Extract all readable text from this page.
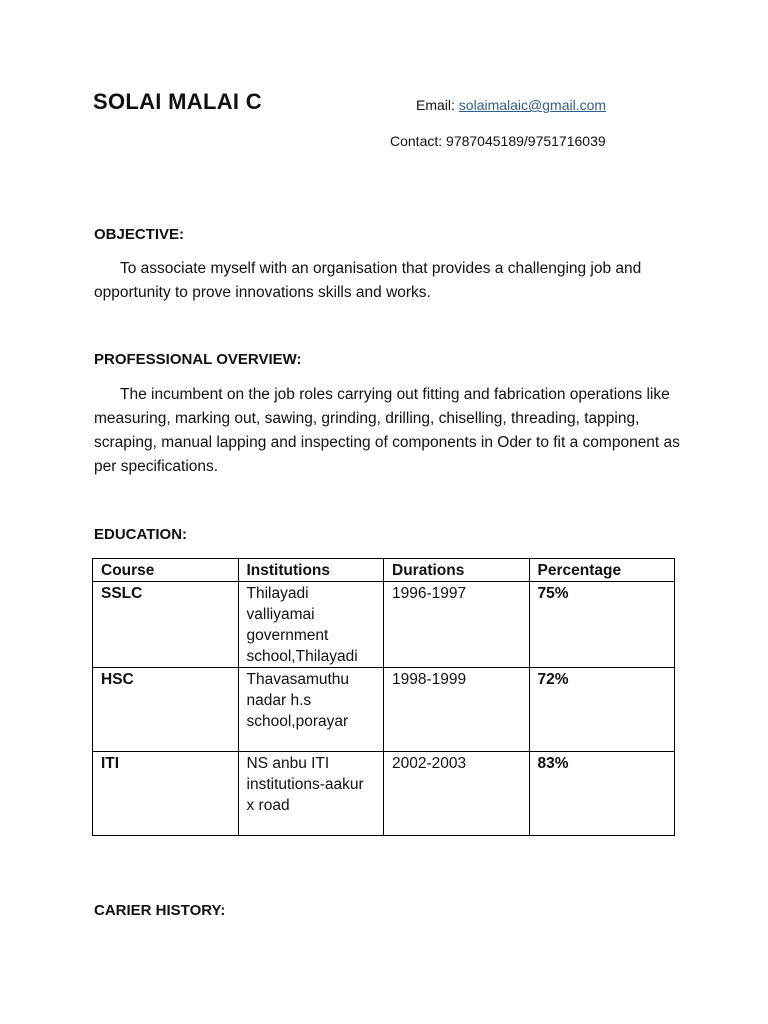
SOLAI MALAI C	Email: solaimalaic@gmail.com
Contact: 9787045189/9751716039
OBJECTIVE:

To associate myself with an organisation that provides a challenging job and opportunity to prove innovations skills and works.

PROFESSIONAL OVERVIEW:

The incumbent on the job roles carrying out fitting and fabrication operations like measuring, marking out, sawing, grinding, drilling, chiselling, threading, tapping, scraping, manual lapping and inspecting of components in Oder to fit a component as per specifications.

EDUCATION:
Course	Institutions	Durations	Percentage
SSLC	Thilayadi valliyamai government school,Thilayadi	1996-1997	75%
HSC	Thavasamuthu nadar h.s school,porayar	1998-1999	72%
ITI	NS anbu ITI institutions-aakur x road	2002-2003	83%
CARIER HISTORY:
